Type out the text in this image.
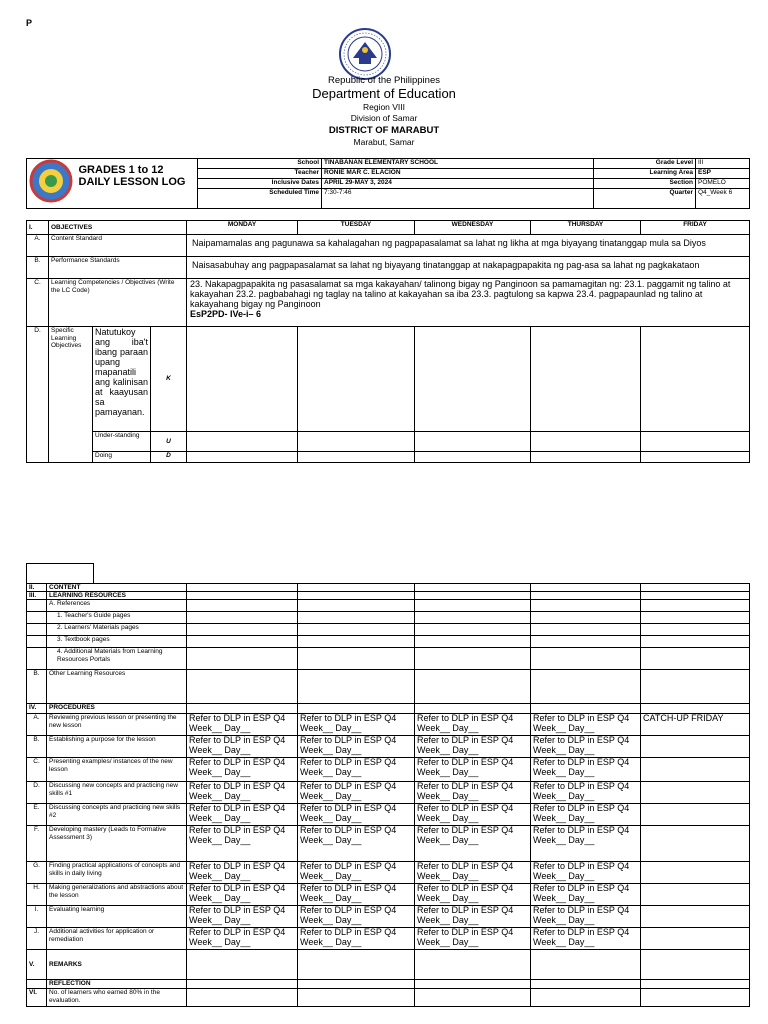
P
Republic of the Philippines
Department of Education
Region VIII
Division of Samar
DISTRICT OF MARABUT
Marabut, Samar
	GRADES 1 to 12 DAILY LESSON LOG	School	TINABANAN ELEMENTARY SCHOOL	Grade Level	III
		Teacher	RONIE MAR C. ELACION	Learning Area	ESP
		Inclusive Dates	APRIL 29-MAY 3, 2024	Section	POMELO
		Scheduled Time	7:30-7:46	Quarter	Q4_Week 6
I.	OBJECTIVES			MONDAY	TUESDAY	WEDNESDAY	THURSDAY	FRIDAY
A.	Content Standard			Naipamamalas ang pagunawa sa kahalagahan ng pagpapasalamat sa lahat ng likha at mga biyayang tinatanggap mula sa Diyos				
B.	Performance Standards			Naisasabuhay ang pagpapasalamat sa lahat ng biyayang tinatanggap at nakapagpapakita ng pag-asa sa lahat ng pagkakataon				
C.	Learning Competencies / Objectives (Write the LC Code)			23. Nakapagpapakita ng pasasalamat sa mga kakayahan/ talinong bigay ng Panginoon sa pamamagitan ng: 23.1. paggamit ng talino at kakayahan 23.2. pagbabahagi ng taglay na talino at kakayahan sa iba 23.3. pagtulong sa kapwa 23.4. pagpapaunlad ng talino at kakayahang bigay ng Panginoon
EsP2PD- IVe-i– 6				

D.	Specific Learning Objectives	Natutukoy ang iba't ibang paraan upang mapanatili ang kalinisan at kaayusan sa pamayanan.	K					
		Under-standing	U					
		Doing	D					
II.	CONTENT					
III.	LEARNING RESOURCES					
	A. References					
	1. Teacher's Guide pages					
	2. Learners' Materials pages					
	3. Textbook pages					
	4. Additional Materials from Learning Resources Portals					
B.	Other Learning Resources					
IV.	PROCEDURES					
A.	Reviewing previous lesson or presenting the new lesson	Refer to DLP in ESP Q4 Week__ Day__	Refer to DLP in ESP Q4 Week__ Day__	Refer to DLP in ESP Q4 Week__ Day__	Refer to DLP in ESP Q4 Week__ Day__	CATCH-UP FRIDAY
B.	Establishing a purpose for the lesson	Refer to DLP in ESP Q4 Week__ Day__	Refer to DLP in ESP Q4 Week__ Day__	Refer to DLP in ESP Q4 Week__ Day__	Refer to DLP in ESP Q4 Week__ Day__	
C.	Presenting examples/ instances of the new lesson	Refer to DLP in ESP Q4 Week__ Day__	Refer to DLP in ESP Q4 Week__ Day__	Refer to DLP in ESP Q4 Week__ Day__	Refer to DLP in ESP Q4 Week__ Day__	
D.	Discussing new concepts and practicing new skills #1	Refer to DLP in ESP Q4 Week__ Day__	Refer to DLP in ESP Q4 Week__ Day__	Refer to DLP in ESP Q4 Week__ Day__	Refer to DLP in ESP Q4 Week__ Day__	
E.	Discussing concepts and practicing new skills #2	Refer to DLP in ESP Q4 Week__ Day__	Refer to DLP in ESP Q4 Week__ Day__	Refer to DLP in ESP Q4 Week__ Day__	Refer to DLP in ESP Q4 Week__ Day__	
F.	Developing mastery (Leads to Formative Assessment 3)	Refer to DLP in ESP Q4 Week__ Day__	Refer to DLP in ESP Q4 Week__ Day__	Refer to DLP in ESP Q4 Week__ Day__	Refer to DLP in ESP Q4 Week__ Day__	
G.	Finding practical applications of concepts and skills in daily living	Refer to DLP in ESP Q4 Week__ Day__	Refer to DLP in ESP Q4 Week__ Day__	Refer to DLP in ESP Q4 Week__ Day__	Refer to DLP in ESP Q4 Week__ Day__	
H.	Making generalizations and abstractions about the lesson	Refer to DLP in ESP Q4 Week__ Day__	Refer to DLP in ESP Q4 Week__ Day__	Refer to DLP in ESP Q4 Week__ Day__	Refer to DLP in ESP Q4 Week__ Day__	
I.	Evaluating learning	Refer to DLP in ESP Q4 Week__ Day__	Refer to DLP in ESP Q4 Week__ Day__	Refer to DLP in ESP Q4 Week__ Day__	Refer to DLP in ESP Q4 Week__ Day__	
J.	Additional activities for application or remediation	Refer to DLP in ESP Q4 Week__ Day__	Refer to DLP in ESP Q4 Week__ Day__	Refer to DLP in ESP Q4 Week__ Day__	Refer to DLP in ESP Q4 Week__ Day__	
V.	REMARKS					
	REFLECTION					
VI.	No. of learners who earned 80% in the evaluation.					
